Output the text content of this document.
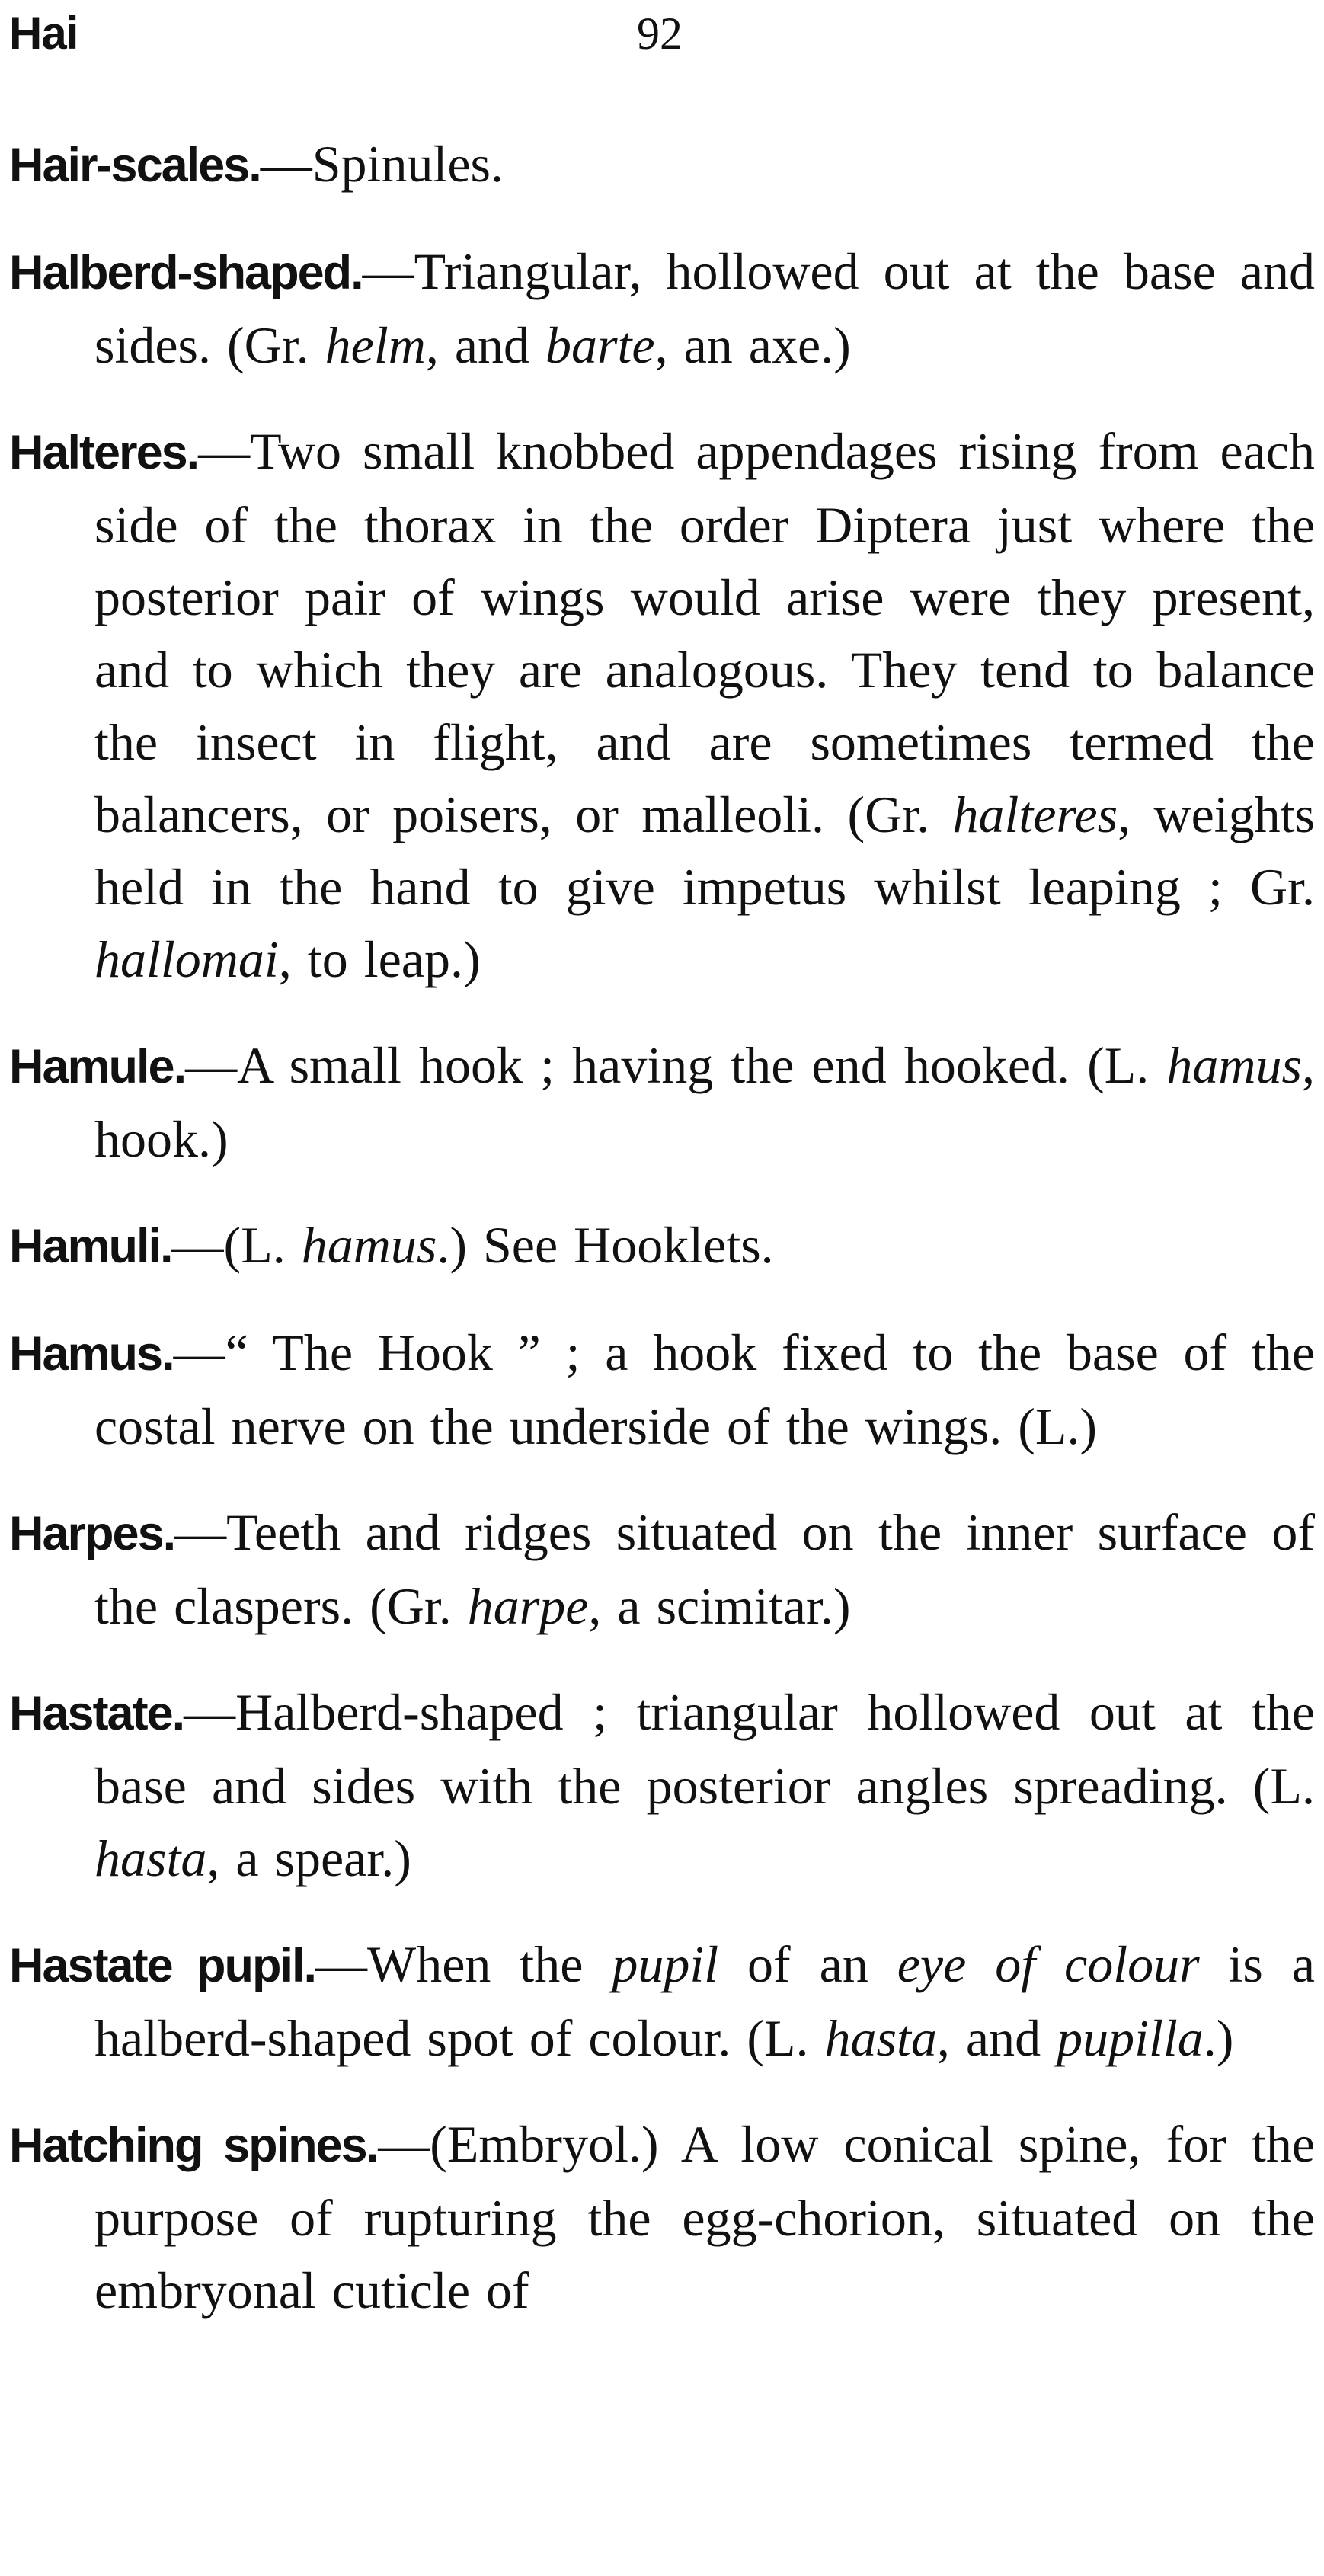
Hai	92

Hair-scales.—Spinules.

Halberd-shaped.—Triangular, hollowed out at the base and sides. (Gr. helm, and barte, an axe.)

Halteres.—Two small knobbed appendages rising from each side of the thorax in the order Diptera just where the posterior pair of wings would arise were they present, and to which they are analogous. They tend to balance the insect in flight, and are sometimes termed the balancers, or poisers, or malleoli. (Gr. halteres, weights held in the hand to give impetus whilst leaping ; Gr. hallomai, to leap.)

Hamule.—A small hook ; having the end hooked. (L. hamus, hook.)

Hamuli.—(L. hamus.) See Hooklets.

Hamus.—“ The Hook ” ; a hook fixed to the base of the costal nerve on the underside of the wings. (L.)

Harpes.—Teeth and ridges situated on the inner surface of the claspers. (Gr. harpe, a scimitar.)

Hastate.—Halberd-shaped ; triangular hollowed out at the base and sides with the posterior angles spreading. (L. hasta, a spear.)

Hastate pupil.—When the pupil of an eye of colour is a halberd-shaped spot of colour. (L. hasta, and pupilla.)

Hatching spines.—(Embryol.) A low conical spine, for the purpose of rupturing the egg-chorion, situated on the embryonal cuticle of
